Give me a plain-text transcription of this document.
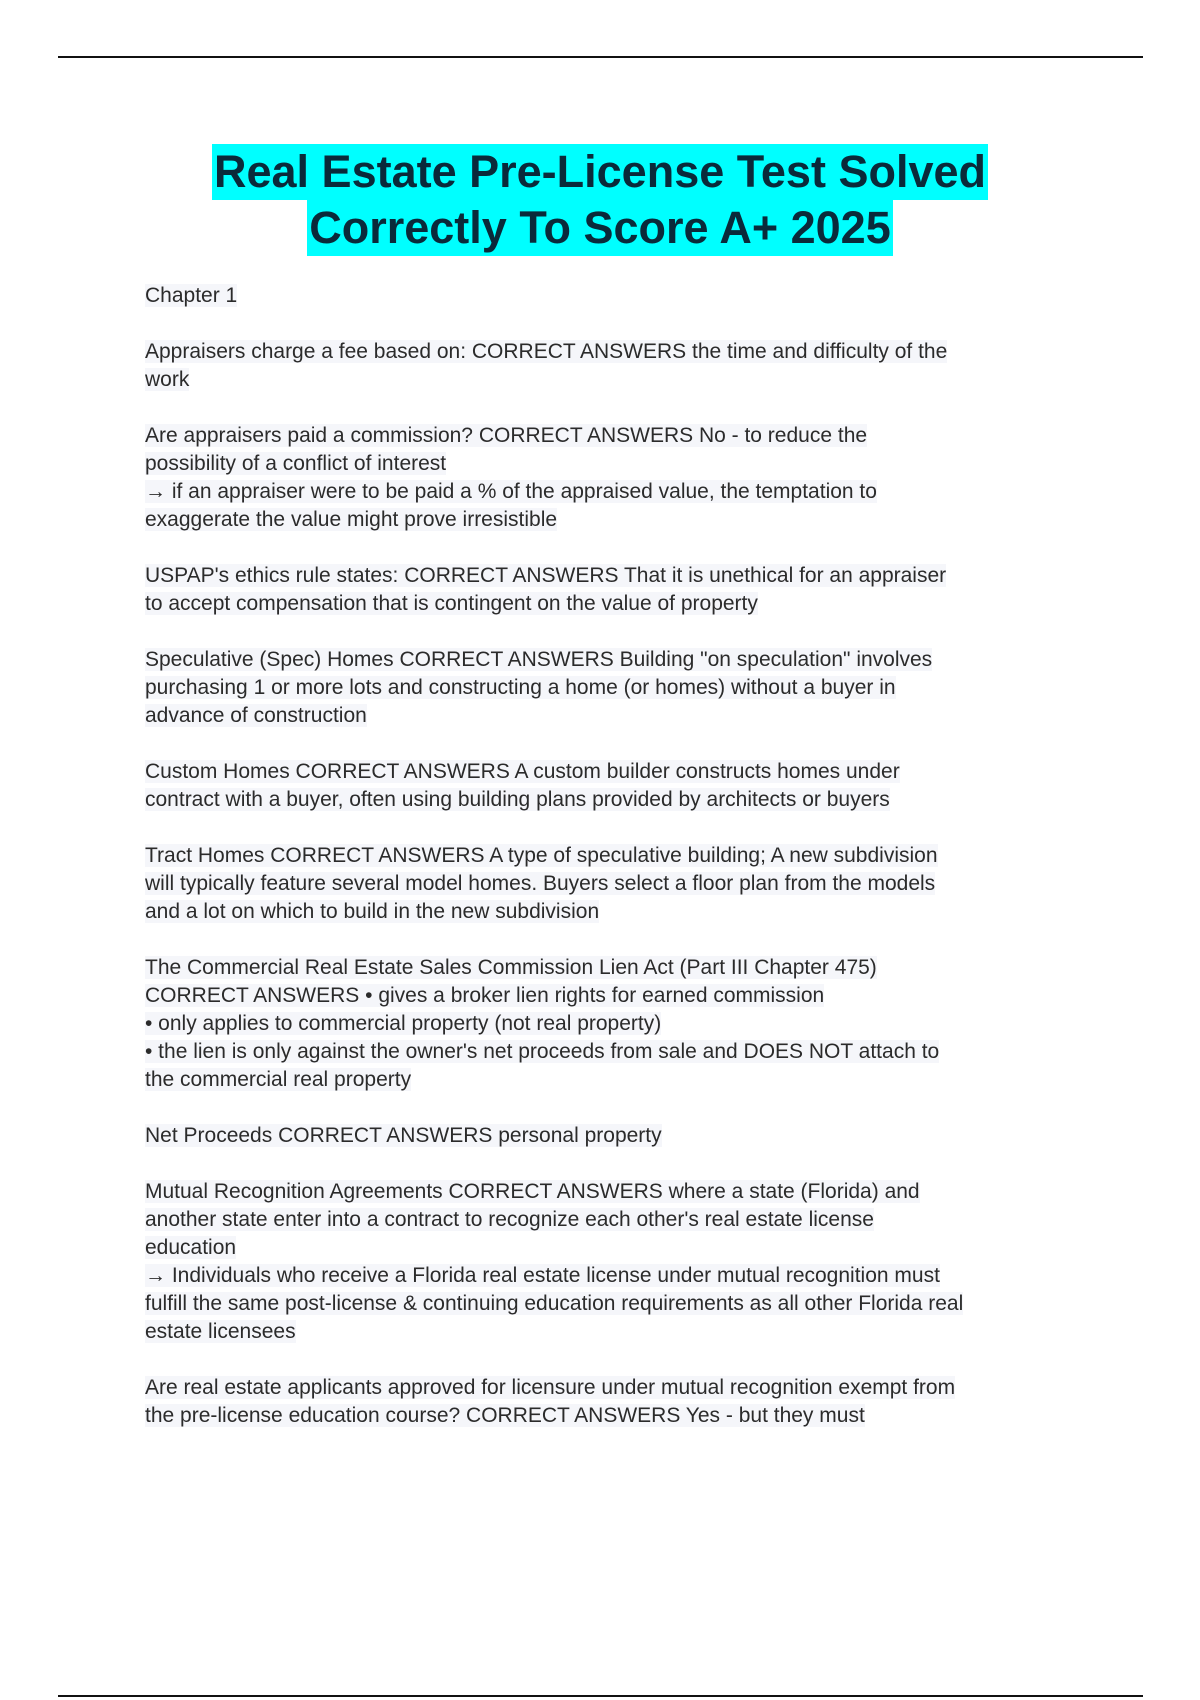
Real Estate Pre-License Test Solved
Correctly To Score A+ 2025

Chapter 1

Appraisers charge a fee based on: CORRECT ANSWERS the time and difficulty of the
work

Are appraisers paid a commission? CORRECT ANSWERS No - to reduce the
possibility of a conflict of interest
→ if an appraiser were to be paid a % of the appraised value, the temptation to
exaggerate the value might prove irresistible

USPAP's ethics rule states: CORRECT ANSWERS That it is unethical for an appraiser
to accept compensation that is contingent on the value of property

Speculative (Spec) Homes CORRECT ANSWERS Building "on speculation" involves
purchasing 1 or more lots and constructing a home (or homes) without a buyer in
advance of construction

Custom Homes CORRECT ANSWERS A custom builder constructs homes under
contract with a buyer, often using building plans provided by architects or buyers

Tract Homes CORRECT ANSWERS A type of speculative building; A new subdivision
will typically feature several model homes. Buyers select a floor plan from the models
and a lot on which to build in the new subdivision

The Commercial Real Estate Sales Commission Lien Act (Part III Chapter 475)
CORRECT ANSWERS • gives a broker lien rights for earned commission
• only applies to commercial property (not real property)
• the lien is only against the owner's net proceeds from sale and DOES NOT attach to
the commercial real property

Net Proceeds CORRECT ANSWERS personal property

Mutual Recognition Agreements CORRECT ANSWERS where a state (Florida) and
another state enter into a contract to recognize each other's real estate license
education
→ Individuals who receive a Florida real estate license under mutual recognition must
fulfill the same post-license & continuing education requirements as all other Florida real
estate licensees

Are real estate applicants approved for licensure under mutual recognition exempt from
the pre-license education course? CORRECT ANSWERS Yes - but they must
